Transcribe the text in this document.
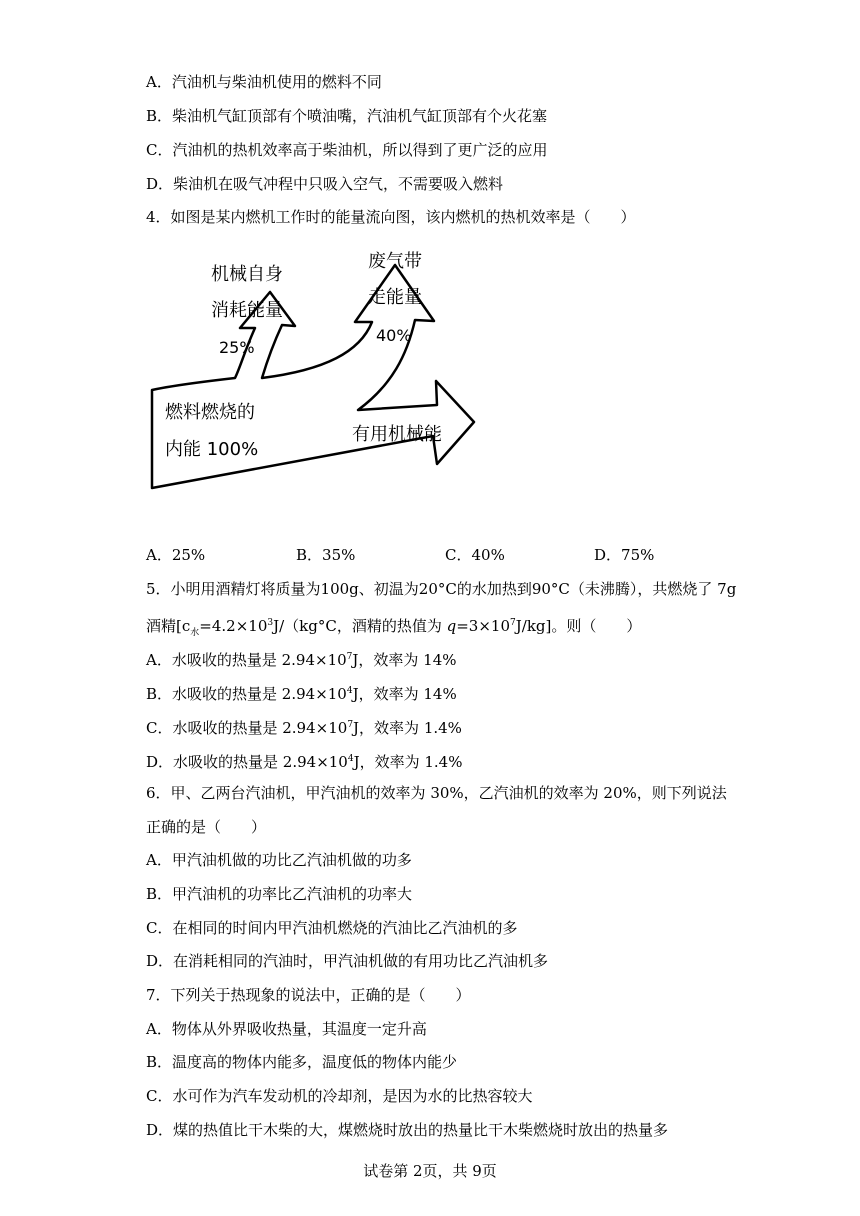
A．汽油机与柴油机使用的燃料不同
B．柴油机气缸顶部有个喷油嘴，汽油机气缸顶部有个火花塞
C．汽油机的热机效率高于柴油机，所以得到了更广泛的应用
D．柴油机在吸气冲程中只吸入空气，不需要吸入燃料
4．如图是某内燃机工作时的能量流向图，该内燃机的热机效率是（　　）
机械自身
消耗能量
25%
废气带
走能量
40%
燃料燃烧的
内能 100%
有用机械能
A．25%	B．35%	C．40%	D．75%
5．小明用酒精灯将质量为100g、初温为20°C的水加热到90°C（未沸腾），共燃烧了 7g
酒精[$c_水=4.2\times 10^3J/(kg^\circ C$，酒精的热值为 $q=3\times 10^7J/kg$]。则（　　）
A．水吸收的热量是 $2.94\times 10^7J$，效率为 14%
B．水吸收的热量是 $2.94\times 10^4J$，效率为 14%
C．水吸收的热量是 $2.94\times 10^7J$，效率为 1.4%
D．水吸收的热量是 $2.94\times 10^4J$，效率为 1.4%
6．甲、乙两台汽油机，甲汽油机的效率为 30%，乙汽油机的效率为 20%，则下列说法
正确的是（　　）
A．甲汽油机做的功比乙汽油机做的功多
B．甲汽油机的功率比乙汽油机的功率大
C．在相同的时间内甲汽油机燃烧的汽油比乙汽油机的多
D．在消耗相同的汽油时，甲汽油机做的有用功比乙汽油机多
7．下列关于热现象的说法中，正确的是（　　）
A．物体从外界吸收热量，其温度一定升高
B．温度高的物体内能多，温度低的物体内能少
C．水可作为汽车发动机的冷却剂，是因为水的比热容较大
D．煤的热值比干木柴的大，煤燃烧时放出的热量比干木柴燃烧时放出的热量多
试卷第 2页，共 9页
